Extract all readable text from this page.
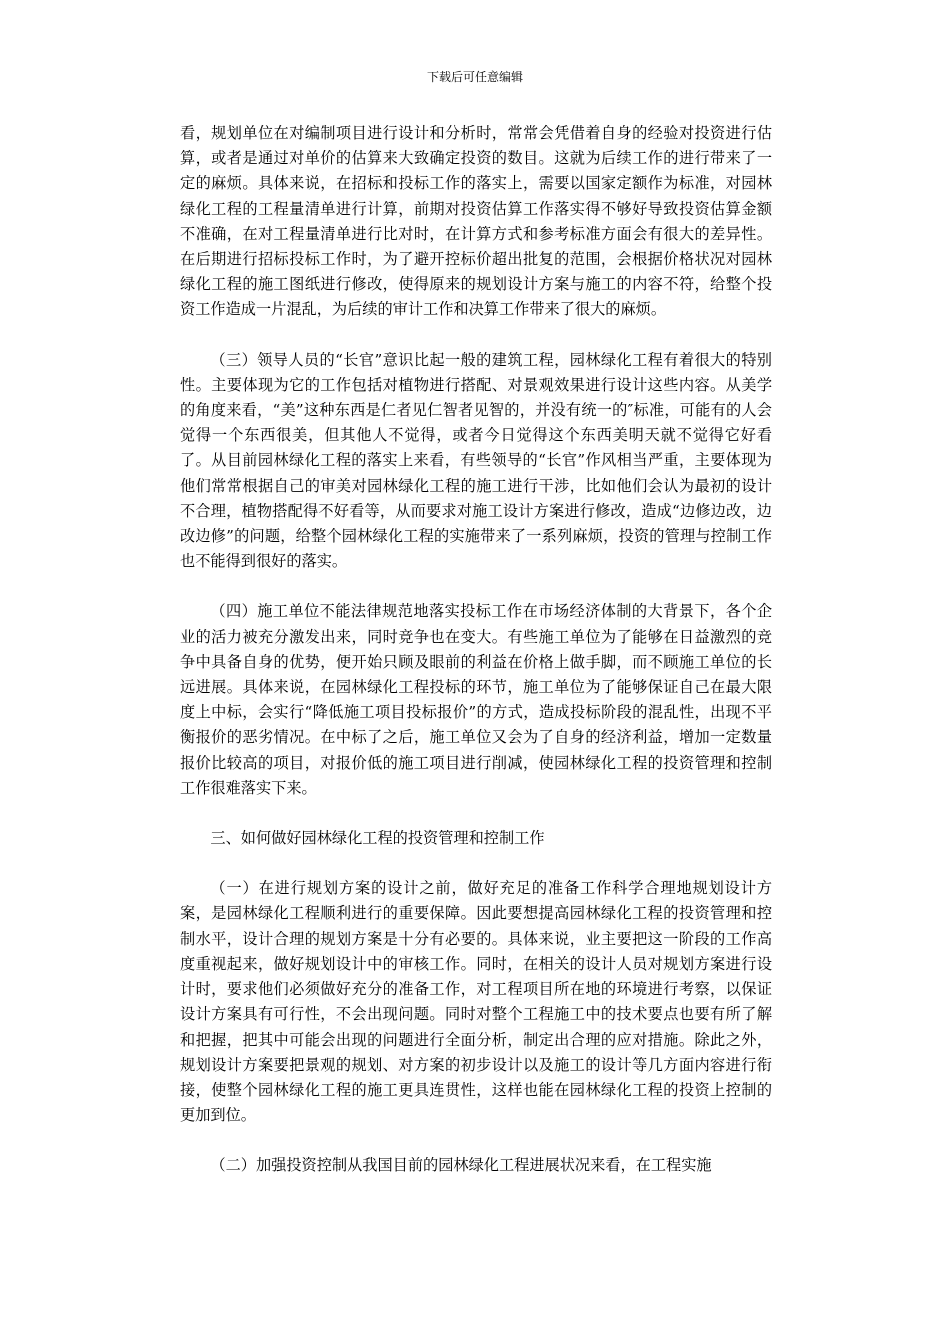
下载后可任意编辑

看，规划单位在对编制项目进行设计和分析时，常常会凭借着自身的经验对投资进行估算，或者是通过对单价的估算来大致确定投资的数目。这就为后续工作的进行带来了一定的麻烦。具体来说，在招标和投标工作的落实上，需要以国家定额作为标准，对园林绿化工程的工程量清单进行计算，前期对投资估算工作落实得不够好导致投资估算金额不准确，在对工程量清单进行比对时，在计算方式和参考标准方面会有很大的差异性。在后期进行招标投标工作时，为了避开控标价超出批复的范围，会根据价格状况对园林绿化工程的施工图纸进行修改，使得原来的规划设计方案与施工的内容不符，给整个投资工作造成一片混乱，为后续的审计工作和决算工作带来了很大的麻烦。

（三）领导人员的“长官”意识比起一般的建筑工程，园林绿化工程有着很大的特别性。主要体现为它的工作包括对植物进行搭配、对景观效果进行设计这些内容。从美学的角度来看，“美”这种东西是仁者见仁智者见智的，并没有统一的″标准，可能有的人会觉得一个东西很美，但其他人不觉得，或者今日觉得这个东西美明天就不觉得它好看了。从目前园林绿化工程的落实上来看，有些领导的“长官”作风相当严重，主要体现为他们常常根据自己的审美对园林绿化工程的施工进行干涉，比如他们会认为最初的设计不合理，植物搭配得不好看等，从而要求对施工设计方案进行修改，造成“边修边改，边改边修”的问题，给整个园林绿化工程的实施带来了一系列麻烦，投资的管理与控制工作也不能得到很好的落实。

（四）施工单位不能法律规范地落实投标工作在市场经济体制的大背景下，各个企业的活力被充分激发出来，同时竞争也在变大。有些施工单位为了能够在日益激烈的竞争中具备自身的优势，便开始只顾及眼前的利益在价格上做手脚，而不顾施工单位的长远进展。具体来说，在园林绿化工程投标的环节，施工单位为了能够保证自己在最大限度上中标，会实行“降低施工项目投标报价”的方式，造成投标阶段的混乱性，出现不平衡报价的恶劣情况。在中标了之后，施工单位又会为了自身的经济利益，增加一定数量报价比较高的项目，对报价低的施工项目进行削减，使园林绿化工程的投资管理和控制工作很难落实下来。

三、如何做好园林绿化工程的投资管理和控制工作

（一）在进行规划方案的设计之前，做好充足的准备工作科学合理地规划设计方案，是园林绿化工程顺利进行的重要保障。因此要想提高园林绿化工程的投资管理和控制水平，设计合理的规划方案是十分有必要的。具体来说，业主要把这一阶段的工作高度重视起来，做好规划设计中的审核工作。同时，在相关的设计人员对规划方案进行设计时，要求他们必须做好充分的准备工作，对工程项目所在地的环境进行考察，以保证设计方案具有可行性，不会出现问题。同时对整个工程施工中的技术要点也要有所了解和把握，把其中可能会出现的问题进行全面分析，制定出合理的应对措施。除此之外，规划设计方案要把景观的规划、对方案的初步设计以及施工的设计等几方面内容进行衔接，使整个园林绿化工程的施工更具连贯性，这样也能在园林绿化工程的投资上控制的更加到位。

（二）加强投资控制从我国目前的园林绿化工程进展状况来看，在工程实施
